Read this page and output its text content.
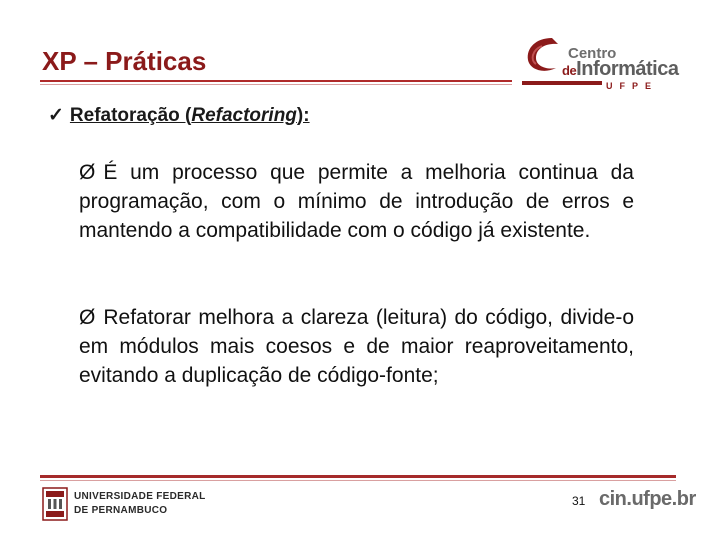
XP – Práticas	Centro
deInformática
UFPE
✓ Refatoração (Refactoring):
Ø É um processo que permite a melhoria continua da programação, com o mínimo de introdução de erros e mantendo a compatibilidade com o código já existente.
Ø Refatorar melhora a clareza (leitura) do código, divide-o em módulos mais coesos e de maior reaproveitamento, evitando a duplicação de código-fonte;
UNIVERSIDADE FEDERAL
DE PERNAMBUCO
31 cin.ufpe.br
